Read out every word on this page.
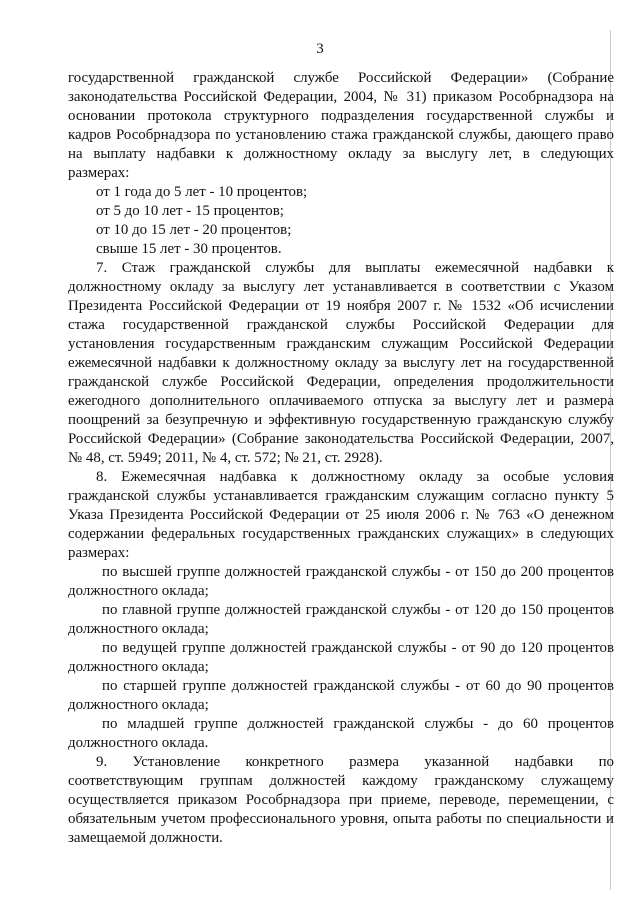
3
государственной гражданской службе Российской Федерации» (Собрание
законодательства Российской Федерации, 2004, № 31) приказом Рособрнадзора на
основании протокола структурного подразделения государственной службы и
кадров Рособрнадзора по установлению стажа гражданской службы, дающего право
на выплату надбавки к должностному окладу за выслугу лет, в следующих
размерах:
от 1 года до 5 лет - 10 процентов;
от 5 до 10 лет - 15 процентов;
от 10 до 15 лет - 20 процентов;
свыше 15 лет - 30 процентов.
7. Стаж гражданской службы для выплаты ежемесячной надбавки к
должностному окладу за выслугу лет устанавливается в соответствии с Указом
Президента Российской Федерации от 19 ноября 2007 г. № 1532 «Об исчислении
стажа государственной гражданской службы Российской Федерации для
установления государственным гражданским служащим Российской Федерации
ежемесячной надбавки к должностному окладу за выслугу лет на государственной
гражданской службе Российской Федерации, определения продолжительности
ежегодного дополнительного оплачиваемого отпуска за выслугу лет и размера
поощрений за безупречную и эффективную государственную гражданскую службу
Российской Федерации» (Собрание законодательства Российской Федерации, 2007,
№ 48, ст. 5949; 2011, № 4, ст. 572; № 21, ст. 2928).
8. Ежемесячная надбавка к должностному окладу за особые условия
гражданской службы устанавливается гражданским служащим согласно пункту 5
Указа Президента Российской Федерации от 25 июля 2006 г. № 763 «О денежном
содержании федеральных государственных гражданских служащих» в следующих
размерах:
по высшей группе должностей гражданской службы - от 150 до 200 процентов
должностного оклада;
по главной группе должностей гражданской службы - от 120 до 150 процентов
должностного оклада;
по ведущей группе должностей гражданской службы - от 90 до 120 процентов
должностного оклада;
по старшей группе должностей гражданской службы - от 60 до 90 процентов
должностного оклада;
по младшей группе должностей гражданской службы - до 60 процентов
должностного оклада.
9. Установление конкретного размера указанной надбавки по
соответствующим группам должностей каждому гражданскому служащему
осуществляется приказом Рособрнадзора при приеме, переводе, перемещении, с
обязательным учетом профессионального уровня, опыта работы по специальности и
замещаемой должности.
